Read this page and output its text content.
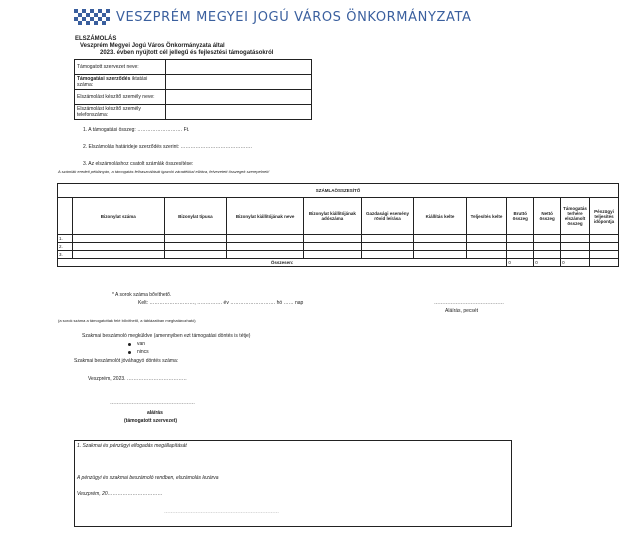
VESZPRÉM MEGYEI JOGÚ VÁROS ÖNKORMÁNYZATA
ELSZÁMOLÁS
Veszprém Megyei Jogú Város Önkormányzata által
2023. évben nyújtott cél jellegű és fejlesztési támogatásokról
Támogatott szervezet neve:	
Támogatási szerződés iktatási száma:	
Elszámolást készítő személy neve:	
Elszámolást készítő személy telefonszáma:	
1. A támogatási összeg: ……………………… Ft.
2. Elszámolás határideje szerződés szerint: …………………………………….
3. Az elszámoláshoz csatolt számlák összesítése:
A számlák eredeti példányán, a támogatás felhasználását igazoló záradékkal ellátva, felvezetett összegek szerepelnek!
SZÁMLAÖSSZESÍTŐ											
	Bizonylat száma	Bizonylat típusa	Bizonylat kiállítójának neve	Bizonylat kiállítójának adószáma	Gazdasági esemény rövid leírása	Kiállítás kelte	Teljesítés kelte	Bruttó összeg	Nettó összeg	Támogatás terhére elszámolt összeg	Pénzügyi teljesítés időpontja
1.											
2.											
3.											
Összesen:								0	0	0	
* A sorok száma bővíthető.
Kelt: ………………………, …………… év ……………………… hó …… nap	……………………………………
Aláírás, pecsét
(a sorok száma a támogatottak felé bővíthető, a táblázatban meghatározható)
Szakmai beszámoló megküldve (amennyiben ezt támogatási döntés is tétje)
van
nincs
Szakmai beszámolót jóváhagyó döntés száma:
Veszprém, 2023. ………………………………
……………………………………………
aláírás
(támogatott szervezet)
1. Szakmai és pénzügyi elfogadás megállapítását
A pénzügyi és szakmai beszámoló rendben, elszámolás lezárva
Veszprém, 20……………………………
……………………………………………………………
